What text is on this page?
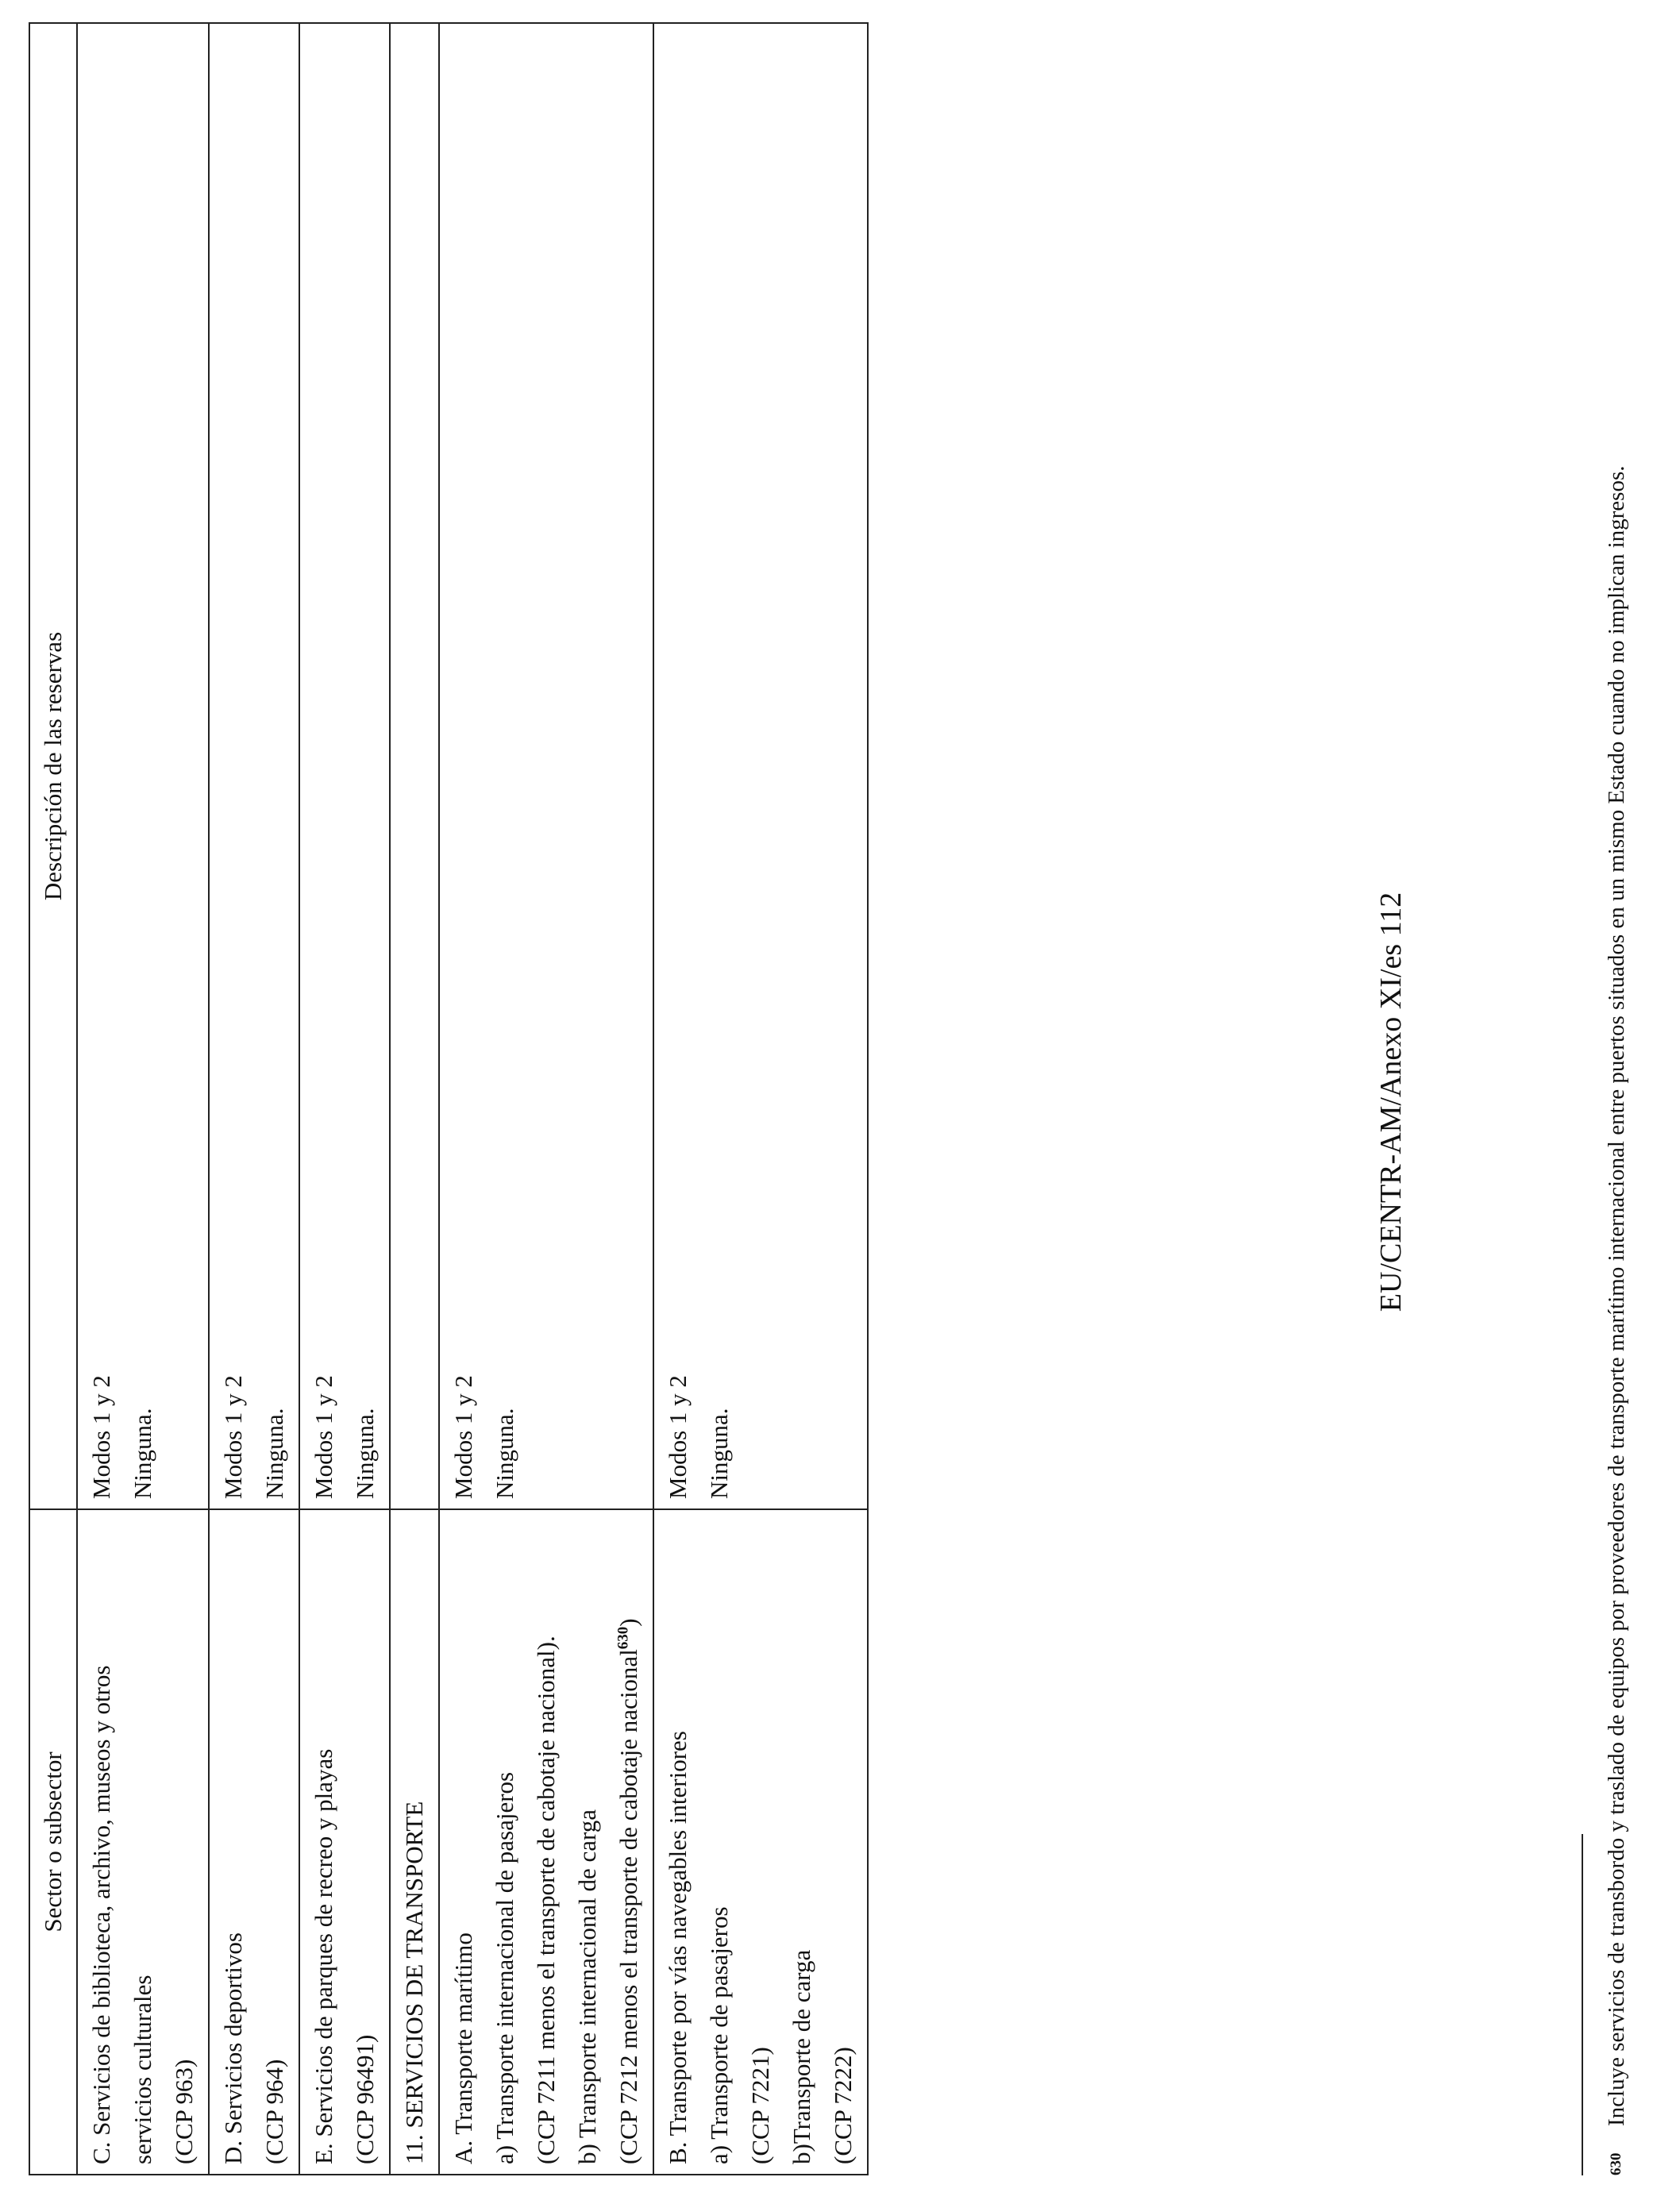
Sector o subsector	Descripción de las reservas

C. Servicios de biblioteca, archivo, museos y otros servicios culturales (CCP 963)	Modos 1 y 2 Ninguna.

D. Servicios deportivos (CCP 964)	Modos 1 y 2 Ninguna.

E. Servicios de parques de recreo y playas (CCP 96491)	Modos 1 y 2 Ninguna.

11. SERVICIOS DE TRANSPORTE	

A. Transporte marítimo a) Transporte internacional de pasajeros (CCP 7211 menos el transporte de cabotaje nacional). b) Transporte internacional de carga (CCP 7212 menos el transporte de cabotaje nacional$^{630}$)	Modos 1 y 2 Ninguna.

B. Transporte por vías navegables interiores a) Transporte de pasajeros (CCP 7221) b)Transporte de carga (CCP 7222)	Modos 1 y 2 Ninguna.
EU/CENTR-AM/Anexo XI/es 112
630
Incluye servicios de transbordo y traslado de equipos por proveedores de transporte marítimo internacional entre puertos situados en un mismo Estado cuando no implican ingresos.
